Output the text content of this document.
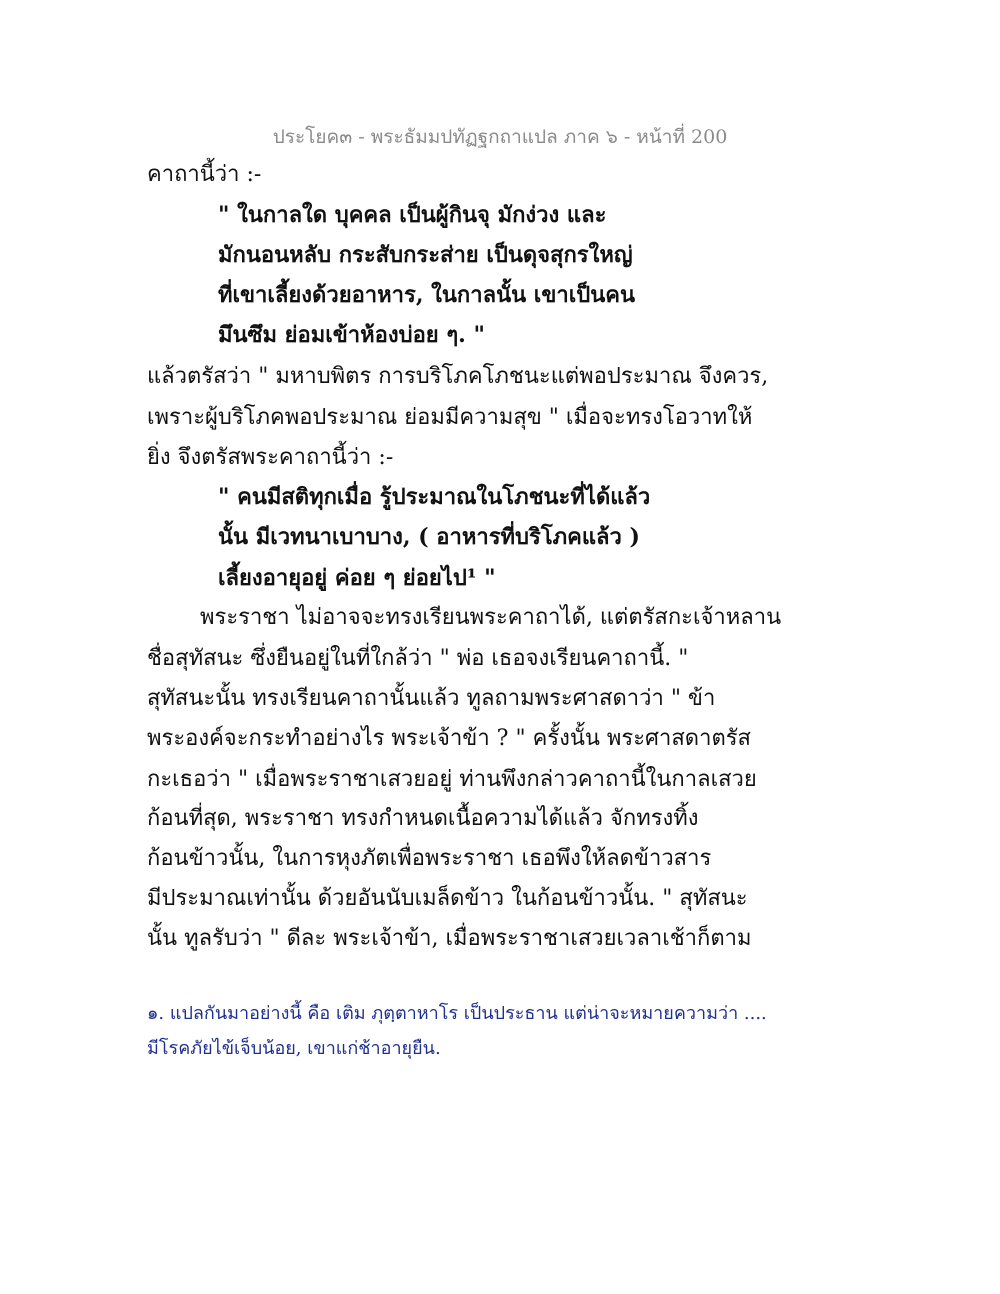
ประโยค๓ - พระธัมมปทัฏฐกถาแปล ภาค ๖ - หน้าที่ 200
คาถานี้ว่า :-
" ในกาลใด บุคคล เป็นผู้กินจุ มักง่วง และ
มักนอนหลับ กระสับกระส่าย เป็นดุจสุกรใหญ่
ที่เขาเลี้ยงด้วยอาหาร, ในกาลนั้น เขาเป็นคน
มึนซึม ย่อมเข้าห้องบ่อย ๆ. "
แล้วตรัสว่า " มหาบพิตร การบริโภคโภชนะแต่พอประมาณ จึงควร,
เพราะผู้บริโภคพอประมาณ ย่อมมีความสุข " เมื่อจะทรงโอวาทให้
ยิ่ง จึงตรัสพระคาถานี้ว่า :-
" คนมีสติทุกเมื่อ รู้ประมาณในโภชนะที่ได้แล้ว
นั้น มีเวทนาเบาบาง, ( อาหารที่บริโภคแล้ว )
เลี้ยงอายุอยู่ ค่อย ๆ ย่อยไป¹ "
พระราชา ไม่อาจจะทรงเรียนพระคาถาได้, แต่ตรัสกะเจ้าหลาน
ชื่อสุทัสนะ ซึ่งยืนอยู่ในที่ใกล้ว่า " พ่อ เธอจงเรียนคาถานี้. "
สุทัสนะนั้น ทรงเรียนคาถานั้นแล้ว ทูลถามพระศาสดาว่า " ข้า
พระองค์จะกระทำอย่างไร พระเจ้าข้า ? " ครั้งนั้น พระศาสดาตรัส
กะเธอว่า " เมื่อพระราชาเสวยอยู่ ท่านพึงกล่าวคาถานี้ในกาลเสวย
ก้อนที่สุด, พระราชา ทรงกำหนดเนื้อความได้แล้ว จักทรงทิ้ง
ก้อนข้าวนั้น, ในการหุงภัตเพื่อพระราชา เธอพึงให้ลดข้าวสาร
มีประมาณเท่านั้น ด้วยอันนับเมล็ดข้าว ในก้อนข้าวนั้น. " สุทัสนะ
นั้น ทูลรับว่า " ดีละ พระเจ้าข้า, เมื่อพระราชาเสวยเวลาเช้าก็ตาม
๑. แปลกันมาอย่างนี้ คือ เติม ภุตฺตาหาโร เป็นประธาน แต่น่าจะหมายความว่า ....
มีโรคภัยไข้เจ็บน้อย, เขาแก่ช้าอายุยืน.
